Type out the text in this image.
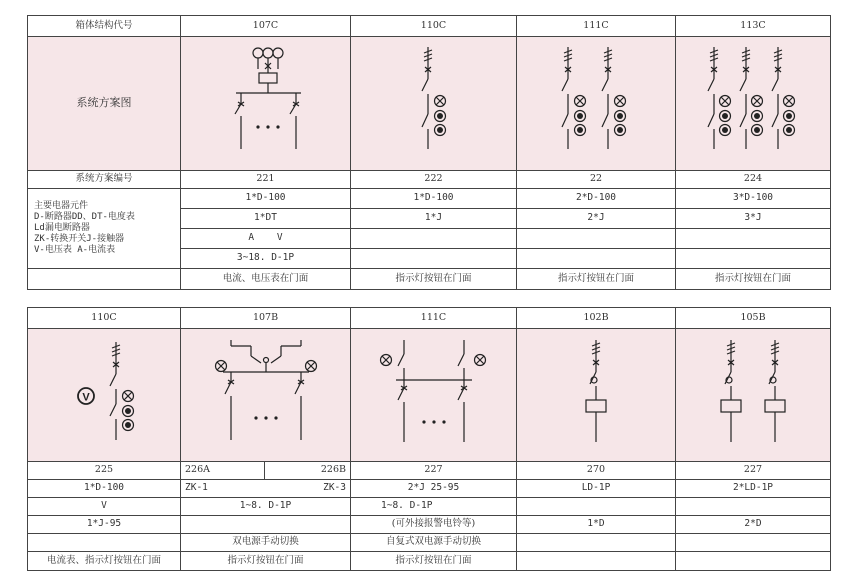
箱体结构代号	107C	110C	111C	113C
系统方案图	

系统方案编号	221	222	22	224

主要电器元件
D-断路器DD、DT-电度表
Ld漏电断路器
ZK-转换开关J-接触器
V-电压表 A-电流表	1*D-100	1*D-100	2*D-100	3*D-100
	1*DT	1*J	2*J	3*J
	A    V			
	3~18. D-1P			
	电流、电压表在门面	指示灯按钮在门面	指示灯按钮在门面	指示灯按钮在门面
110C	107B		111C	102B	105B

V

225	226A	226B	227	270	227
1*D-100	ZK-1	ZK-3	2*J 25-95	LD-1P	2*LD-1P
V	1~8. D-1P		1~8. D-1P		
1*J-95			(可外接报警电铃等)	1*D	2*D
	双电源手动切换		自复式双电源手动切换		
电流表、指示灯按钮在门面	指示灯按钮在门面		指示灯按钮在门面		
